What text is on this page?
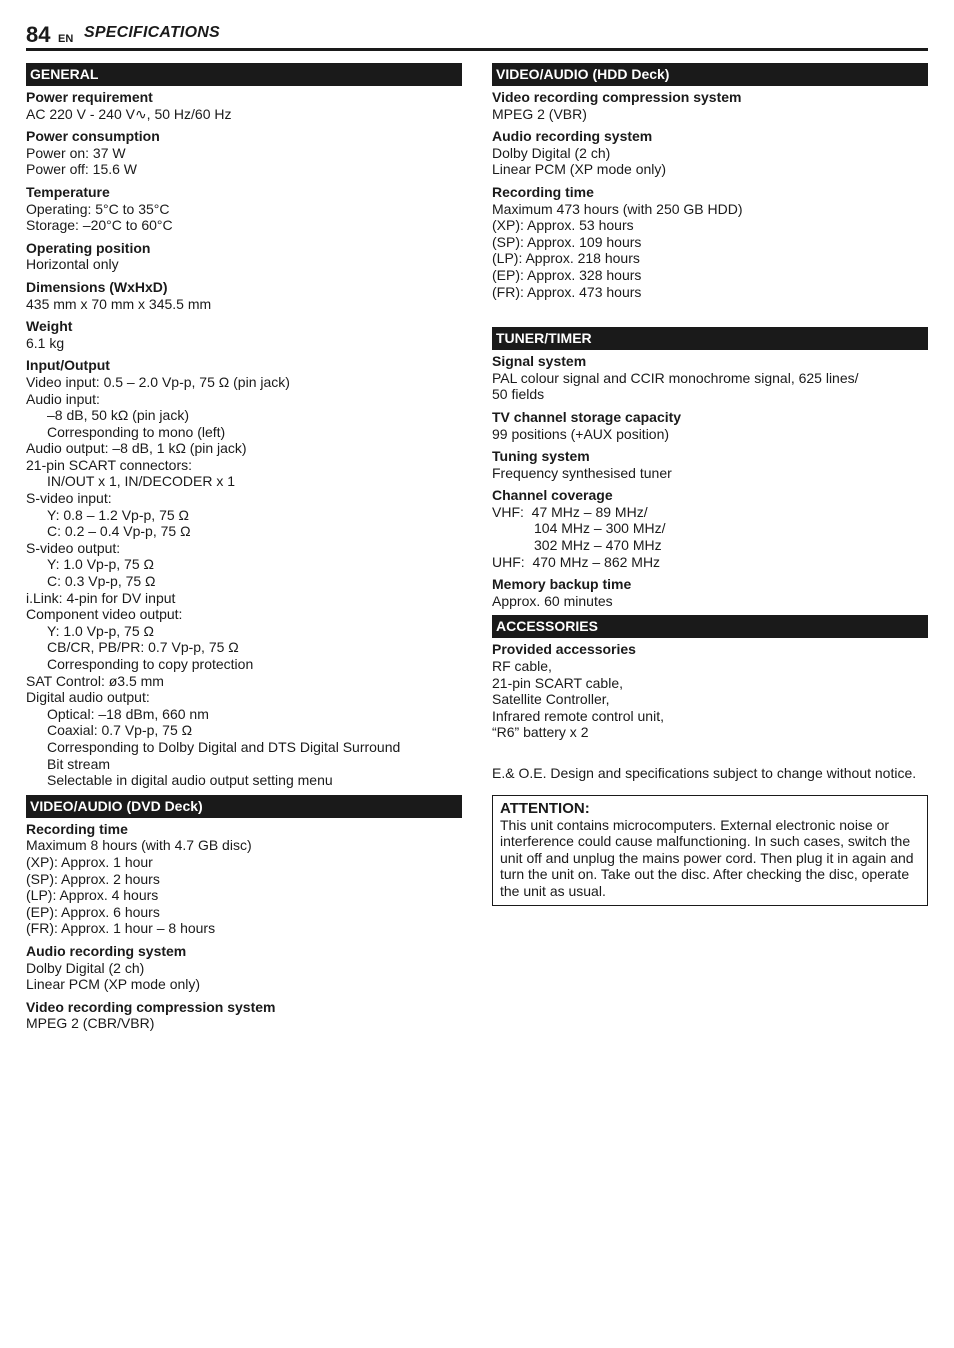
84 EN SPECIFICATIONS
GENERAL
Power requirement
AC 220 V - 240 V∿, 50 Hz/60 Hz
Power consumption
Power on: 37 W
Power off: 15.6 W
Temperature
Operating: 5°C to 35°C
Storage: –20°C to 60°C
Operating position
Horizontal only
Dimensions (WxHxD)
435 mm x 70 mm x 345.5 mm
Weight
6.1 kg
Input/Output
Video input: 0.5 – 2.0 Vp-p, 75 Ω (pin jack)
Audio input:
–8 dB, 50 kΩ (pin jack)
Corresponding to mono (left)
Audio output: –8 dB, 1 kΩ (pin jack)
21-pin SCART connectors:
IN/OUT x 1, IN/DECODER x 1
S-video input:
Y: 0.8 – 1.2 Vp-p, 75 Ω
C: 0.2 – 0.4 Vp-p, 75 Ω
S-video output:
Y: 1.0 Vp-p, 75 Ω
C: 0.3 Vp-p, 75 Ω
i.Link: 4-pin for DV input
Component video output:
Y: 1.0 Vp-p, 75 Ω
CB/CR, PB/PR: 0.7 Vp-p, 75 Ω
Corresponding to copy protection
SAT Control: ø3.5 mm
Digital audio output:
Optical: –18 dBm, 660 nm
Coaxial: 0.7 Vp-p, 75 Ω
Corresponding to Dolby Digital and DTS Digital Surround
Bit stream
Selectable in digital audio output setting menu
VIDEO/AUDIO (DVD Deck)
Recording time
Maximum 8 hours (with 4.7 GB disc)
(XP): Approx. 1 hour
(SP): Approx. 2 hours
(LP): Approx. 4 hours
(EP): Approx. 6 hours
(FR): Approx. 1 hour – 8 hours
Audio recording system
Dolby Digital (2 ch)
Linear PCM (XP mode only)
Video recording compression system
MPEG 2 (CBR/VBR)
VIDEO/AUDIO (HDD Deck)
Video recording compression system
MPEG 2 (VBR)
Audio recording system
Dolby Digital (2 ch)
Linear PCM (XP mode only)
Recording time
Maximum 473 hours (with 250 GB HDD)
(XP): Approx. 53 hours
(SP): Approx. 109 hours
(LP): Approx. 218 hours
(EP): Approx. 328 hours
(FR): Approx. 473 hours
TUNER/TIMER
Signal system
PAL colour signal and CCIR monochrome signal, 625 lines/
50 fields
TV channel storage capacity
99 positions (+AUX position)
Tuning system
Frequency synthesised tuner
Channel coverage
VHF:  47 MHz – 89 MHz/
104 MHz – 300 MHz/
302 MHz – 470 MHz
UHF:  470 MHz – 862 MHz
Memory backup time
Approx. 60 minutes
ACCESSORIES
Provided accessories
RF cable,
21-pin SCART cable,
Satellite Controller,
Infrared remote control unit,
“R6” battery x 2
E.& O.E. Design and specifications subject to change without notice.
ATTENTION:
This unit contains microcomputers. External electronic noise or interference could cause malfunctioning. In such cases, switch the unit off and unplug the mains power cord. Then plug it in again and turn the unit on. Take out the disc. After checking the disc, operate the unit as usual.
